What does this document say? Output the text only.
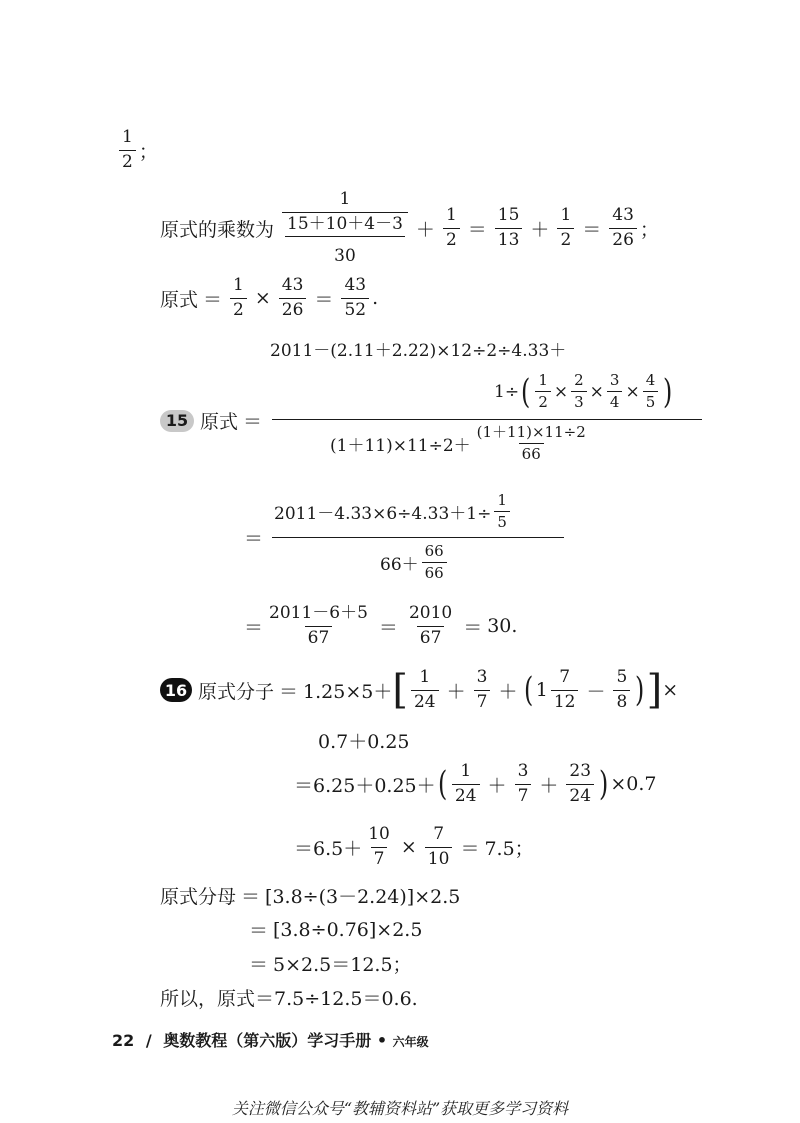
$\frac{1}{2}$ ；
原式的乘数为 1
15＋10＋4－3
$30 + \frac{1}{2} = \frac{15}{13} + \frac{1}{2} = \frac{43}{26}$ ；
原式 ＝ $\frac{1}{2} \times \frac{43}{26} = \frac{43}{52}$ .
2011－(2.11＋2.22)×12÷2÷4.33＋
1÷ ( $\frac{1}{2} \times \frac{2}{3} \times \frac{3}{4} \times \frac{4}{5}$ )
15 原式 ＝
$(1+11)\times 11\div 2+ \frac{(1+11)\times 11\div 2}{66}$
$2011-4.33\times 6\div 4.33+1\div \frac{1}{5}$
＝
$66+ \frac{66}{66}$
＝ $\frac{2011-6+5}{67} = \frac{2010}{67} = 30$.
16 原式分子 ＝ 1.25×5＋ [ $\frac{1}{24} + \frac{3}{7}$ ＋ ( $1 \frac{7}{12} - \frac{5}{8}$ ) ] ×
0.7＋0.25
＝ 6.25＋0.25＋ ( $\frac{1}{24} + \frac{3}{7} + \frac{23}{24}$ ) ×0.7
＝ $6.5+ \frac{10}{7} \times \frac{7}{10} = 7.5$；
原式分母 ＝ [3.8÷(3－2.24)]×2.5
＝ [3.8÷0.76]×2.5
＝ 5×2.5＝12.5；
所以，原式＝7.5÷12.5＝0.6.
22 / 奥数教程（第六版）学习手册 • 六年级
关注微信公众号“教辅资料站”获取更多学习资料
